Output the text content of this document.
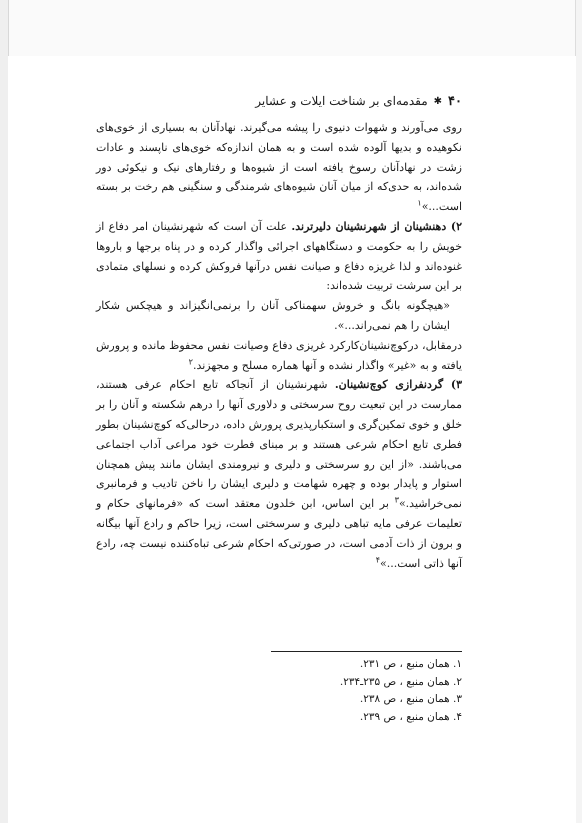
۴۰
✱
مقدمه‌ای بر شناخت ایلات و عشایر

روی می‌آورند و شهوات دنیوی را پیشه می‌گیرند. نهادآنان به بسیاری از خوی‌های نکوهیده و بدیها آلوده شده است و به همان اندازه‌که خوی‌های ناپسند و عادات زشت در نهادآنان رسوخ یافته است از شیوه‌ها و رفتارهای نیک و نیکوئی دور شده‌اند، به حدی‌که از میان آنان شیوه‌های شرمندگی و سنگینی هم رخت بر بسته است...»$^۱$

۲) ‌دهنشینان از شهرنشینان دلیرترند. علت آن است که شهرنشینان امر دفاع از خویش را به حکومت و دستگاههای اجرائی واگذار کرده و در پناه برجها و باروها غنوده‌اند و لذا غریزه دفاع و صیانت نفس درآنها فروکش کرده و نسلهای متمادی بر این سرشت تربیت شده‌اند:

«هیچگونه بانگ و خروش سهمناکی آنان را برنمی‌انگیزاند و هیچکس شکار ایشان را هم نمی‌راند...».

درمقابل، درکوچ‌نشینان‌کارکرد غریزی دفاع وصیانت نفس محفوظ مانده و پرورش یافته و به «غیر» واگذار نشده و آنها هماره مسلح و مجهزند.$^۲$

۳) گردنفرازی کوچ‌نشینان. شهرنشینان از آنجاکه تابع احکام عرفی هستند، ممارست در این تبعیت روح سرسختی و دلاوری آنها را درهم شکسته و آنان را بر خلق و خوی تمکین‌گری و استکبارپذیری پرورش داده، درحالی‌که کوچ‌نشینان بطور فطری تابع احکام شرعی هستند و بر مبنای فطرت خود مراعی آداب اجتماعی می‌باشند. «از این رو سرسختی و دلیری و نیرومندی ایشان مانند پیش همچنان استوار و پایدار بوده و چهره شهامت و دلیری ایشان را ناخن تادیب و فرمانبری نمی‌خراشید.»$^۳$ بر این اساس، ابن خلدون معتقد است که «فرمانهای حکام و تعلیمات عرفی مایه تباهی دلیری و سرسختی است، زیرا حاکم و رادع آنها بیگانه و برون از ذات آدمی است، در صورتی‌که احکام شرعی تباه‌کننده نیست چه، رادع آنها ذاتی است...»$^۴$

۱. همان منبع ، ص ۲۳۱.
۲. همان منبع ، ص ۲۳۵ـ۲۳۴.
۳. همان منبع ، ص ۲۳۸.
۴. همان منبع ، ص ۲۳۹.
